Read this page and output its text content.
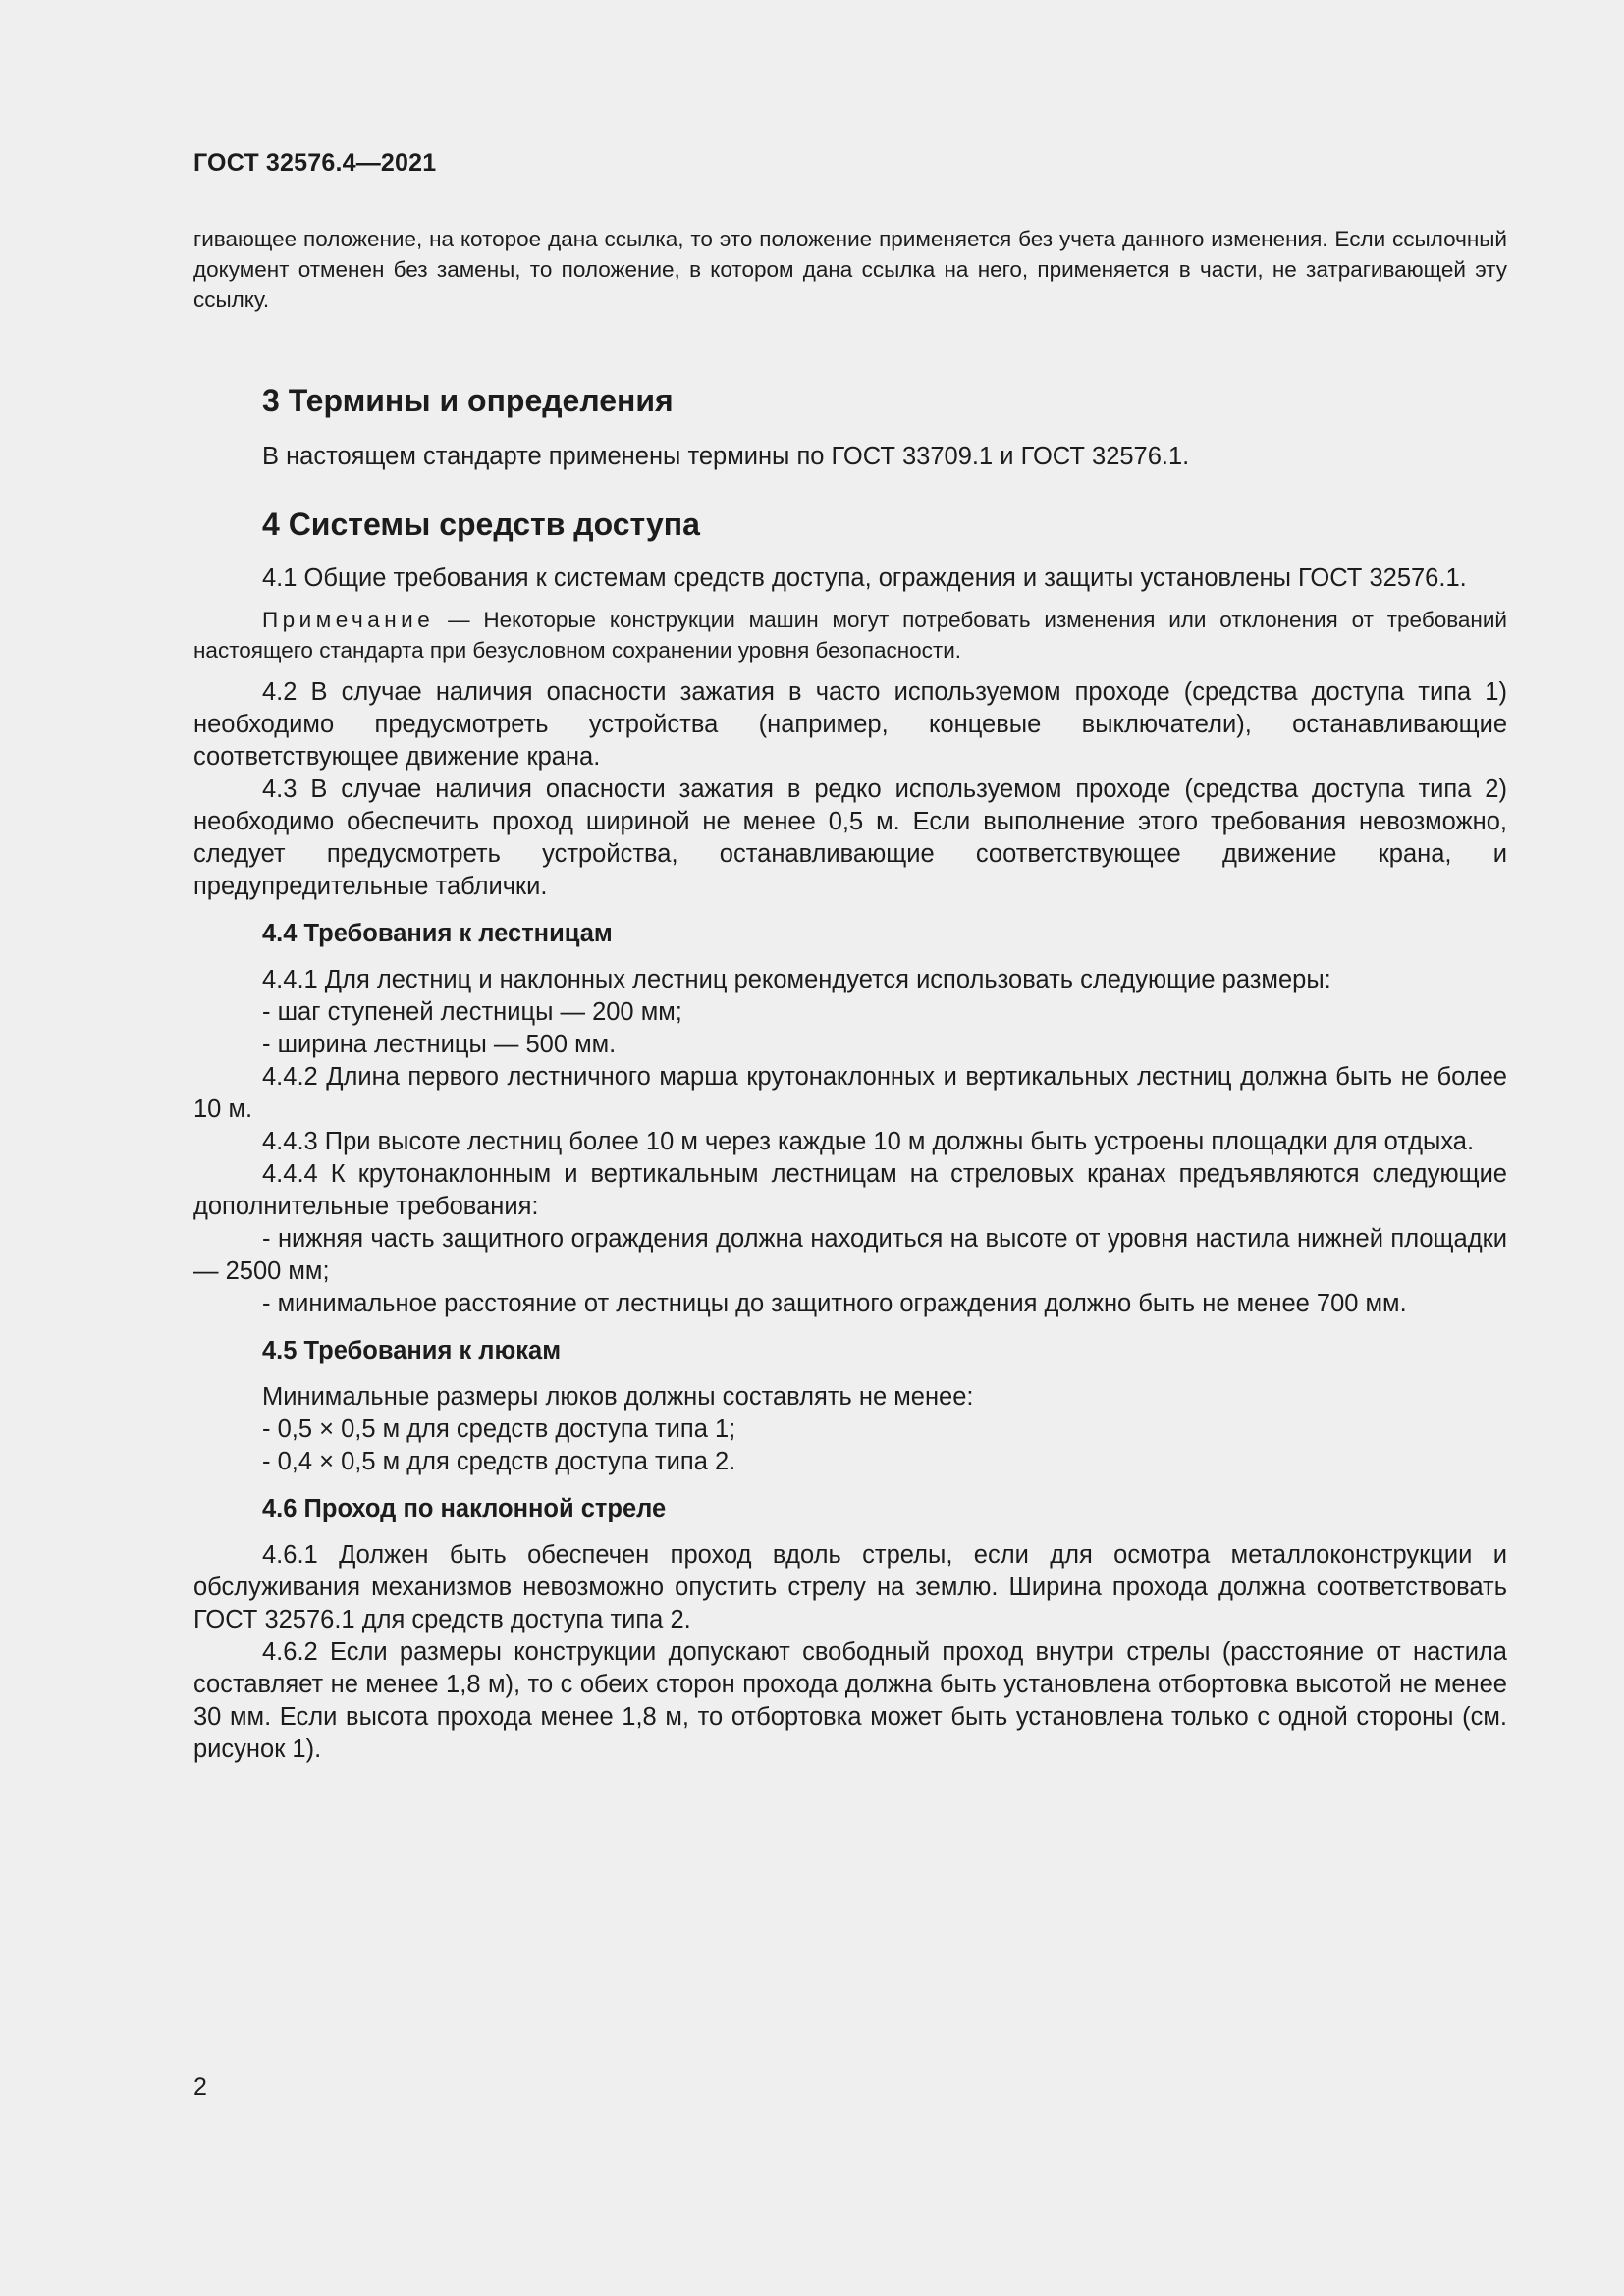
ГОСТ 32576.4—2021

гивающее положение, на которое дана ссылка, то это положение применяется без учета данного изменения. Если ссылочный документ отменен без замены, то положение, в котором дана ссылка на него, применяется в части, не затрагивающей эту ссылку.

3 Термины и определения

В настоящем стандарте применены термины по ГОСТ 33709.1 и ГОСТ 32576.1.

4 Системы средств доступа

4.1 Общие требования к системам средств доступа, ограждения и защиты установлены ГОСТ 32576.1.

Примечание — Некоторые конструкции машин могут потребовать изменения или отклонения от требований настоящего стандарта при безусловном сохранении уровня безопасности.

4.2 В случае наличия опасности зажатия в часто используемом проходе (средства доступа типа 1) необходимо предусмотреть устройства (например, концевые выключатели), останавливающие соответствующее движение крана.

4.3 В случае наличия опасности зажатия в редко используемом проходе (средства доступа типа 2) необходимо обеспечить проход шириной не менее 0,5 м. Если выполнение этого требования невозможно, следует предусмотреть устройства, останавливающие соответствующее движение крана, и предупредительные таблички.

4.4 Требования к лестницам

4.4.1 Для лестниц и наклонных лестниц рекомендуется использовать следующие размеры:

- шаг ступеней лестницы — 200 мм;

- ширина лестницы — 500 мм.

4.4.2 Длина первого лестничного марша крутонаклонных и вертикальных лестниц должна быть не более 10 м.

4.4.3 При высоте лестниц более 10 м через каждые 10 м должны быть устроены площадки для отдыха.

4.4.4 К крутонаклонным и вертикальным лестницам на стреловых кранах предъявляются следующие дополнительные требования:

- нижняя часть защитного ограждения должна находиться на высоте от уровня настила нижней площадки — 2500 мм;

- минимальное расстояние от лестницы до защитного ограждения должно быть не менее 700 мм.

4.5 Требования к люкам

Минимальные размеры люков должны составлять не менее:

- 0,5 × 0,5 м для средств доступа типа 1;

- 0,4 × 0,5 м для средств доступа типа 2.

4.6 Проход по наклонной стреле

4.6.1 Должен быть обеспечен проход вдоль стрелы, если для осмотра металлоконструкции и обслуживания механизмов невозможно опустить стрелу на землю. Ширина прохода должна соответствовать ГОСТ 32576.1 для средств доступа типа 2.

4.6.2 Если размеры конструкции допускают свободный проход внутри стрелы (расстояние от настила составляет не менее 1,8 м), то с обеих сторон прохода должна быть установлена отбортовка высотой не менее 30 мм. Если высота прохода менее 1,8 м, то отбортовка может быть установлена только с одной стороны (см. рисунок 1).

2
